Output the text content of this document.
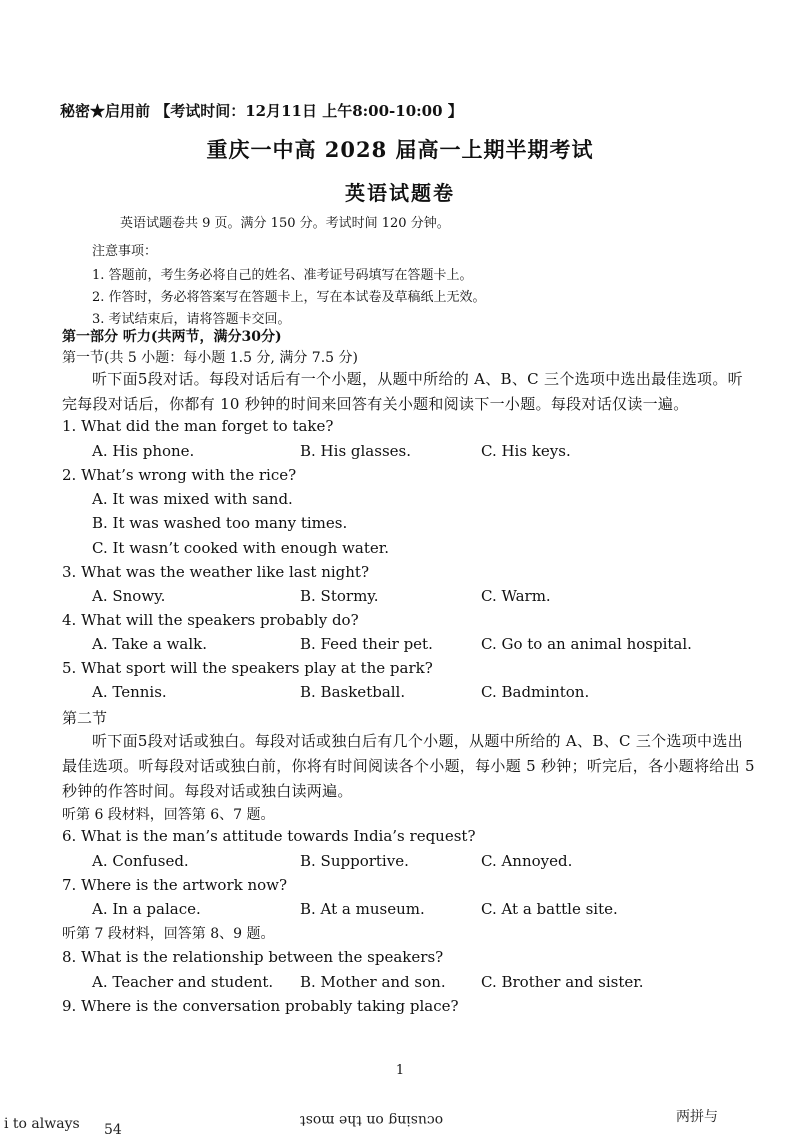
秘密★启用前 【考试时间：12月11日 上午8:00-10:00 】
重庆一中高 2028 届高一上期半期考试
英语试题卷
英语试题卷共 9 页。满分 150 分。考试时间 120 分钟。
注意事项：
1. 答题前，考生务必将自己的姓名、准考证号码填写在答题卡上。
2. 作答时，务必将答案写在答题卡上，写在本试卷及草稿纸上无效。
3. 考试结束后，请将答题卡交回。
第一部分 听力(共两节，满分30分)
第一节(共 5 小题：每小题 1.5 分, 满分 7.5 分)
听下面5段对话。每段对话后有一个小题，从题中所给的 A、B、C 三个选项中选出最佳选项。听完每段对话后，你都有 10 秒钟的时间来回答有关小题和阅读下一小题。每段对话仅读一遍。
1. What did the man forget to take?
A. His phone.	B. His glasses.	C. His keys.
2. What’s wrong with the rice?
A. It was mixed with sand.
B. It was washed too many times.
C. It wasn’t cooked with enough water.
3. What was the weather like last night?
A. Snowy.	B. Stormy.	C. Warm.
4. What will the speakers probably do?
A. Take a walk.	B. Feed their pet.	C. Go to an animal hospital.
5. What sport will the speakers play at the park?
A. Tennis.	B. Basketball.	C. Badminton.
第二节
听下面5段对话或独白。每段对话或独白后有几个小题，从题中所给的 A、B、C 三个选项中选出最佳选项。听每段对话或独白前，你将有时间阅读各个小题，每小题 5 秒钟；听完后，各小题将给出 5 秒钟的作答时间。每段对话或独白读两遍。
听第 6 段材料，回答第 6、7 题。
6. What is the man’s attitude towards India’s request?
A. Confused.	B. Supportive.	C. Annoyed.
7. Where is the artwork now?
A. In a palace.	B. At a museum.	C. At a battle site.
听第 7 段材料，回答第 8、9 题。
8. What is the relationship between the speakers?
A. Teacher and student. B. Mother and son. C. Brother and sister.
9. Where is the conversation probably taking place?
1
i to always 54
ocusing on the most	两拼与
